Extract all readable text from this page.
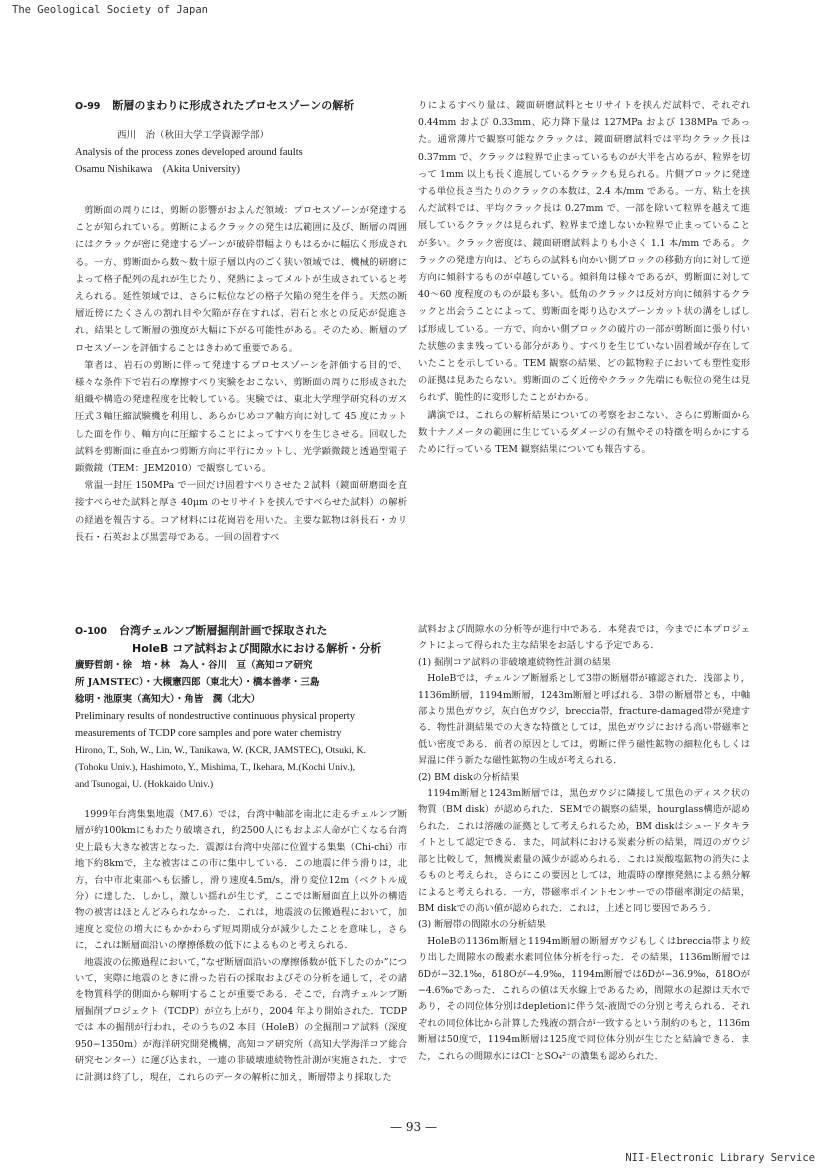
The Geological Society of Japan
O-99 断層のまわりに形成されたプロセスゾーンの解析
西川　治（秋田大学工学資源学部）
Analysis of the process zones developed around faults
Osamu Nishikawa　(Akita University)

剪断面の周りには、剪断の影響がおよんだ領域：プロセスゾーンが発達することが知られている。剪断によるクラックの発生は広範囲に及び、断層の周囲にはクラックが密に発達するゾーンが破砕帯幅よりもはるかに幅広く形成される。一方、剪断面から数〜数十原子層以内のごく狭い領域では、機械的研磨によって格子配列の乱れが生じたり、発熱によってメルトが生成されていると考えられる。延性領域では、さらに転位などの格子欠陥の発生を伴う。天然の断層近傍にたくさんの割れ目や欠陥が存在すれば、岩石と水との反応が促進され、結果として断層の強度が大幅に下がる可能性がある。そのため、断層のプロセスゾーンを評価することはきわめて重要である。

筆者は、岩石の剪断に伴って発達するプロセスゾーンを評価する目的で、様々な条件下で岩石の摩擦すべり実験をおこない、剪断面の周りに形成された組織や構造の発達程度を比較している。実験では、東北大学理学研究科のガス圧式３軸圧縮試験機を利用し、あらかじめコア軸方向に対して 45 度にカットした面を作り、軸方向に圧縮することによってすべりを生じさせる。回収した試料を剪断面に垂直かつ剪断方向に平行にカットし、光学顕微鏡と透過型電子顕微鏡（TEM：JEM2010）で観察している。

常温一封圧 150MPa で一回だけ固着すべりさせた２試料（鏡面研磨面を直接すべらせた試料と厚さ 40μm のセリサイトを挟んですべらせた試料）の解析の経過を報告する。コア材料には花崗岩を用いた。主要な鉱物は斜長石・カリ長石・石英および黒雲母である。一回の固着すべ

りによるすべり量は、鏡面研磨試料とセリサイトを挟んだ試料で、それぞれ 0.44mm および 0.33mm、応力降下量は 127MPa および 138MPa であった。通常薄片で観察可能なクラックは、鏡面研磨試料では平均クラック長は 0.37mm で、クラックは粒界で止まっているものが大半を占めるが、粒界を切って 1mm 以上も長く進展しているクラックも見られる。片側ブロックに発達する単位長さ当たりのクラックの本数は、2.4 本/mm である。一方、粘土を挟んだ試料では、平均クラック長は 0.27mm で、一部を除いて粒界を越えて進展しているクラックは見られず、粒界まで達しないか粒界で止まっていることが多い。クラック密度は、鏡面研磨試料よりも小さく 1.1 本/mm である。クラックの発達方向は、どちらの試料も向かい側ブロックの移動方向に対して逆方向に傾斜するものが卓越している。傾斜角は様々であるが、剪断面に対して 40〜60 度程度のものが最も多い。低角のクラックは反対方向に傾斜するクラックと出会うことによって、剪断面を彫り込むスプーンカット状の溝をしばしば形成している。一方で、向かい側ブロックの破片の一部が剪断面に張り付いた状態のまま残っている部分があり、すべりを生じていない固着域が存在していたことを示している。TEM 観察の結果、どの鉱物粒子においても塑性変形の証拠は見あたらない。剪断面のごく近傍やクラック先端にも転位の発生は見られず、脆性的に変形したことがわかる。

講演では、これらの解析結果についての考察をおこない、さらに剪断面から数十ナノメータの範囲に生じているダメージの有無やその特徴を明らかにするために行っている TEM 観察結果についても報告する。

O-100 台湾チェルンプ断層掘削計画で採取された
HoleB コア試料および間隙水における解析・分析
廣野哲朗・徐　培・林　為人・谷川　亘（高知コア研究
所 JAMSTEC）・大槻憲四郎（東北大）・橋本善孝・三島
稔明・池原実（高知大）・角皆　潤（北大）
Preliminary results of nondestructive continuous physical property
measurements of TCDP core samples and pore water chemistry
Hirono, T., Soh, W., Lin, W., Tanikawa, W. (KCR, JAMSTEC), Otsuki, K.
(Tohoku Univ.), Hashimoto, Y., Mishima, T., Ikehara, M.(Kochi Univ.),
and Tsunogai, U. (Hokkaido Univ.)

1999年台湾集集地震（M7.6）では，台湾中軸部を南北に走るチェルンプ断層が約100kmにもわたり破壊され，約2500人にもおよぶ人命が亡くなる台湾史上最も大きな被害となった．震源は台湾中央部に位置する集集（Chi-chi）市地下約8kmで，主な被害はこの市に集中している．この地震に伴う滑りは，北方，台中市北東部へも伝播し，滑り速度4.5m/s，滑り変位12m（ベクトル成分）に達した．しかし，激しい揺れが生じず，ここでは断層面直上以外の構造物の被害はほとんどみられなかった．これは，地震波の伝搬過程において，加速度と変位の増大にもかかわらず短周期成分が減少したことを意味し，さらに，これは断層面沿いの摩擦係数の低下によるものと考えられる．

地震波の伝搬過程において，”なぜ断層面沿いの摩擦係数が低下したのか”について，実際に地震のときに滑った岩石の採取およびその分析を通して，その諸を物質科学的側面から解明することが重要である．そこで，台湾チェルンプ断層掘削プロジェクト（TCDP）が立ち上がり，2004 年より開始された．TCDP では 本の掘削が行われ，そのうちの2 本目（HoleB）の全掘削コア試料（深度950−1350m）が海洋研究開発機構，高知コア研究所（高知大学海洋コア総合研究センター）に運び込まれ，一連の非破壊連続物性計測が実施された．すでに計測は終了し，現在，これらのデータの解析に加え，断層帯より採取した

試料および間隙水の分析等が進行中である．本発表では，今までに本プロジェクトによって得られた主な結果をお話しする予定である．

(1) 掘削コア試料の非破壊連続物性計測の結果

HoleBでは，チェルンプ断層系として3帯の断層帯が確認された．浅部より，1136m断層，1194m断層，1243m断層と呼ばれる．3帯の断層帯とも，中軸部より黒色ガウジ，灰白色ガウジ，breccia帯，fracture-damaged帯が発達する．物性計測結果での大きな特徴としては，黒色ガウジにおける高い帯磁率と低い密度である．前者の原因としては，剪断に伴う磁性鉱物の細粒化もしくは昇温に伴う新たな磁性鉱物の生成が考えられる．

(2) BM diskの分析結果

1194m断層と1243m断層では，黒色ガウジに隣接して黒色のディスク状の物質（BM disk）が認められた．SEMでの観察の結果，hourglass構造が認められた．これは溶融の証拠として考えられるため，BM diskはシュードタキライトとして認定できる．また，同試料における炭素分析の結果，周辺のガウジ部と比較して，無機炭素量の減少が認められる．これは炭酸塩鉱物の消失によるものと考えられ，さらにこの要因としては，地震時の摩擦発熱による熱分解によると考えられる．一方，帯磁率ポイントセンサーでの帯磁率測定の結果，BM diskでの高い値が認められた．これは，上述と同じ要因であろう．

(3) 断層帯の間隙水の分析結果

HoleBの1136m断層と1194m断層の断層ガウジもしくはbreccia帯より絞り出した間隙水の酸素水素同位体分析を行った．その結果，1136m断層ではδDが−32.1‰，δ18Oが−4.9‰，1194m断層ではδDが−36.9‰，δ18Oが−4.6‰であった．これらの値は天水線上であるため，間隙水の起源は天水であり，その同位体分別はdepletionに伴う気-液間での分別と考えられる．それぞれの同位体比から計算した残液の割合が一致するという制約のもと，1136m断層は50度で，1194m断層は125度で同位体分別が生じたと結論できる．また，これらの間隙水にはCl⁻とSO₄²⁻の濃集も認められた．

— 93 —
NII-Electronic Library Service
